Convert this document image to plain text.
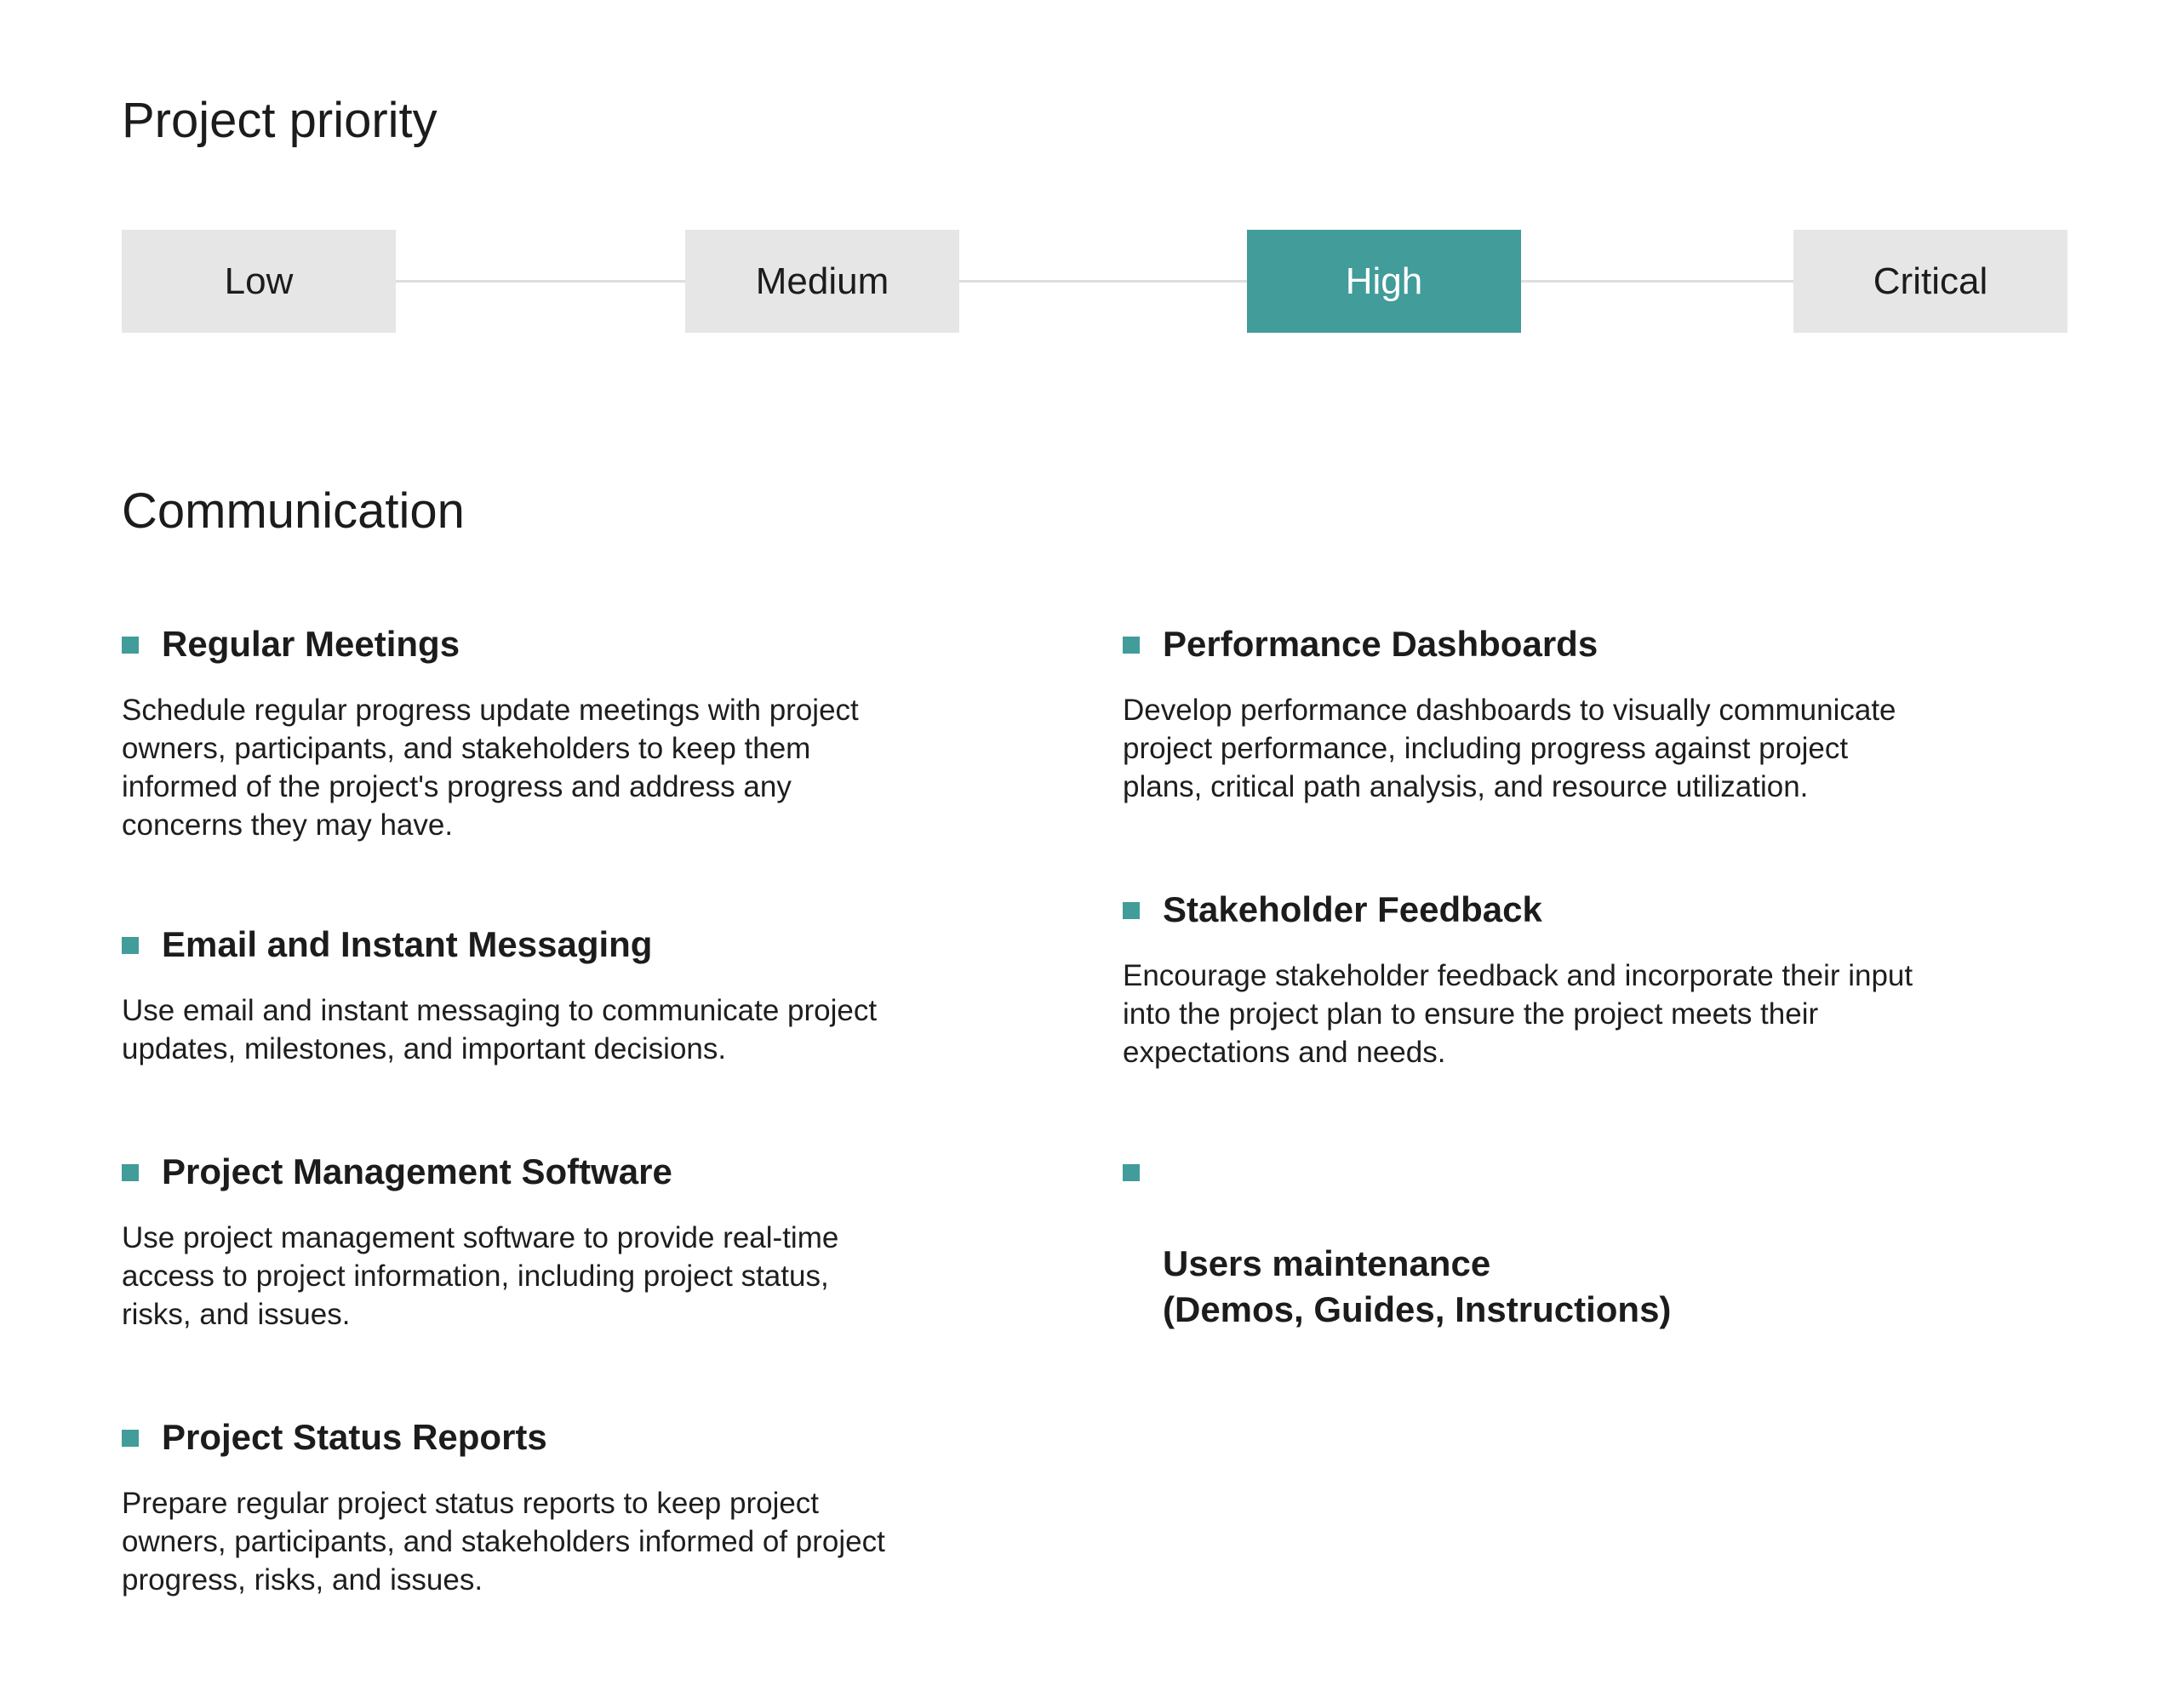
Project priority
Low	Medium	High	Critical
Communication
Regular Meetings
Schedule regular progress update meetings with project
owners, participants, and stakeholders to keep them
informed of the project's progress and address any
concerns they may have.
Email and Instant Messaging
Use email and instant messaging to communicate project
updates, milestones, and important decisions.
Project Management Software
Use project management software to provide real-time
access to project information, including project status,
risks, and issues.
Project Status Reports
Prepare regular project status reports to keep project
owners, participants, and stakeholders informed of project
progress, risks, and issues.
Performance Dashboards
Develop performance dashboards to visually communicate
project performance, including progress against project
plans, critical path analysis, and resource utilization.
Stakeholder Feedback
Encourage stakeholder feedback and incorporate their input
into the project plan to ensure the project meets their
expectations and needs.

Users maintenance
(Demos, Guides, Instructions)
